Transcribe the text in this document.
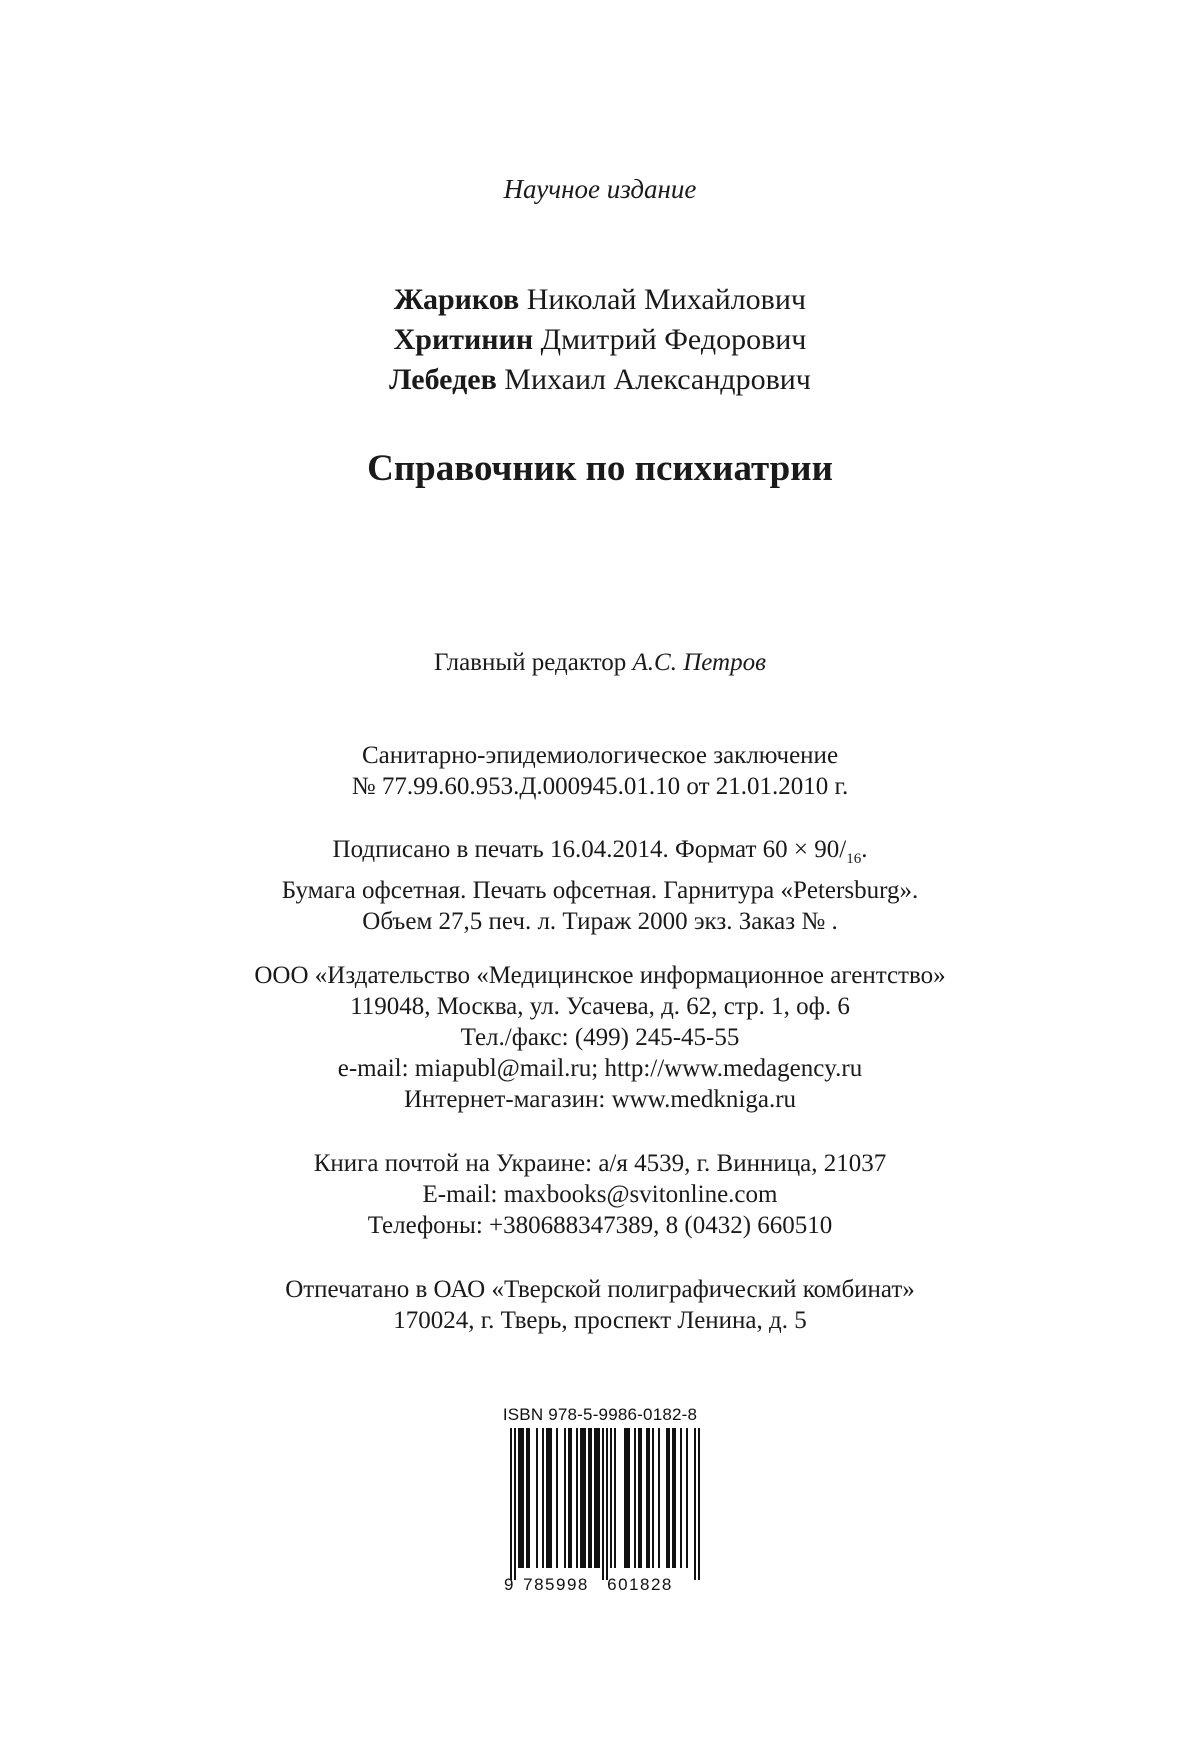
Научное издание
Жариков Николай Михайлович
Хритинин Дмитрий Федорович
Лебедев Михаил Александрович
Справочник по психиатрии
Главный редактор А.С. Петров
Санитарно-эпидемиологическое заключение
№ 77.99.60.953.Д.000945.01.10 от 21.01.2010 г.
Подписано в печать 16.04.2014. Формат $60 \times 90/_{16}$.
Бумага офсетная. Печать офсетная. Гарнитура «Petersburg».
Объем 27,5 печ. л. Тираж 2000 экз. Заказ № .
ООО «Издательство «Медицинское информационное агентство»
119048, Москва, ул. Усачева, д. 62, стр. 1, оф. 6
Тел./факс: (499) 245-45-55
e-mail: miapubl@mail.ru; http://www.medagency.ru
Интернет-магазин: www.medkniga.ru
Книга почтой на Украине: а/я 4539, г. Винница, 21037
E-mail: maxbooks@svitonline.com
Телефоны: +380688347389, 8 (0432) 660510
Отпечатано в ОАО «Тверской полиграфический комбинат»
170024, г. Тверь, проспект Ленина, д. 5
ISBN 978-5-9986-0182-8
9 785998 601828
